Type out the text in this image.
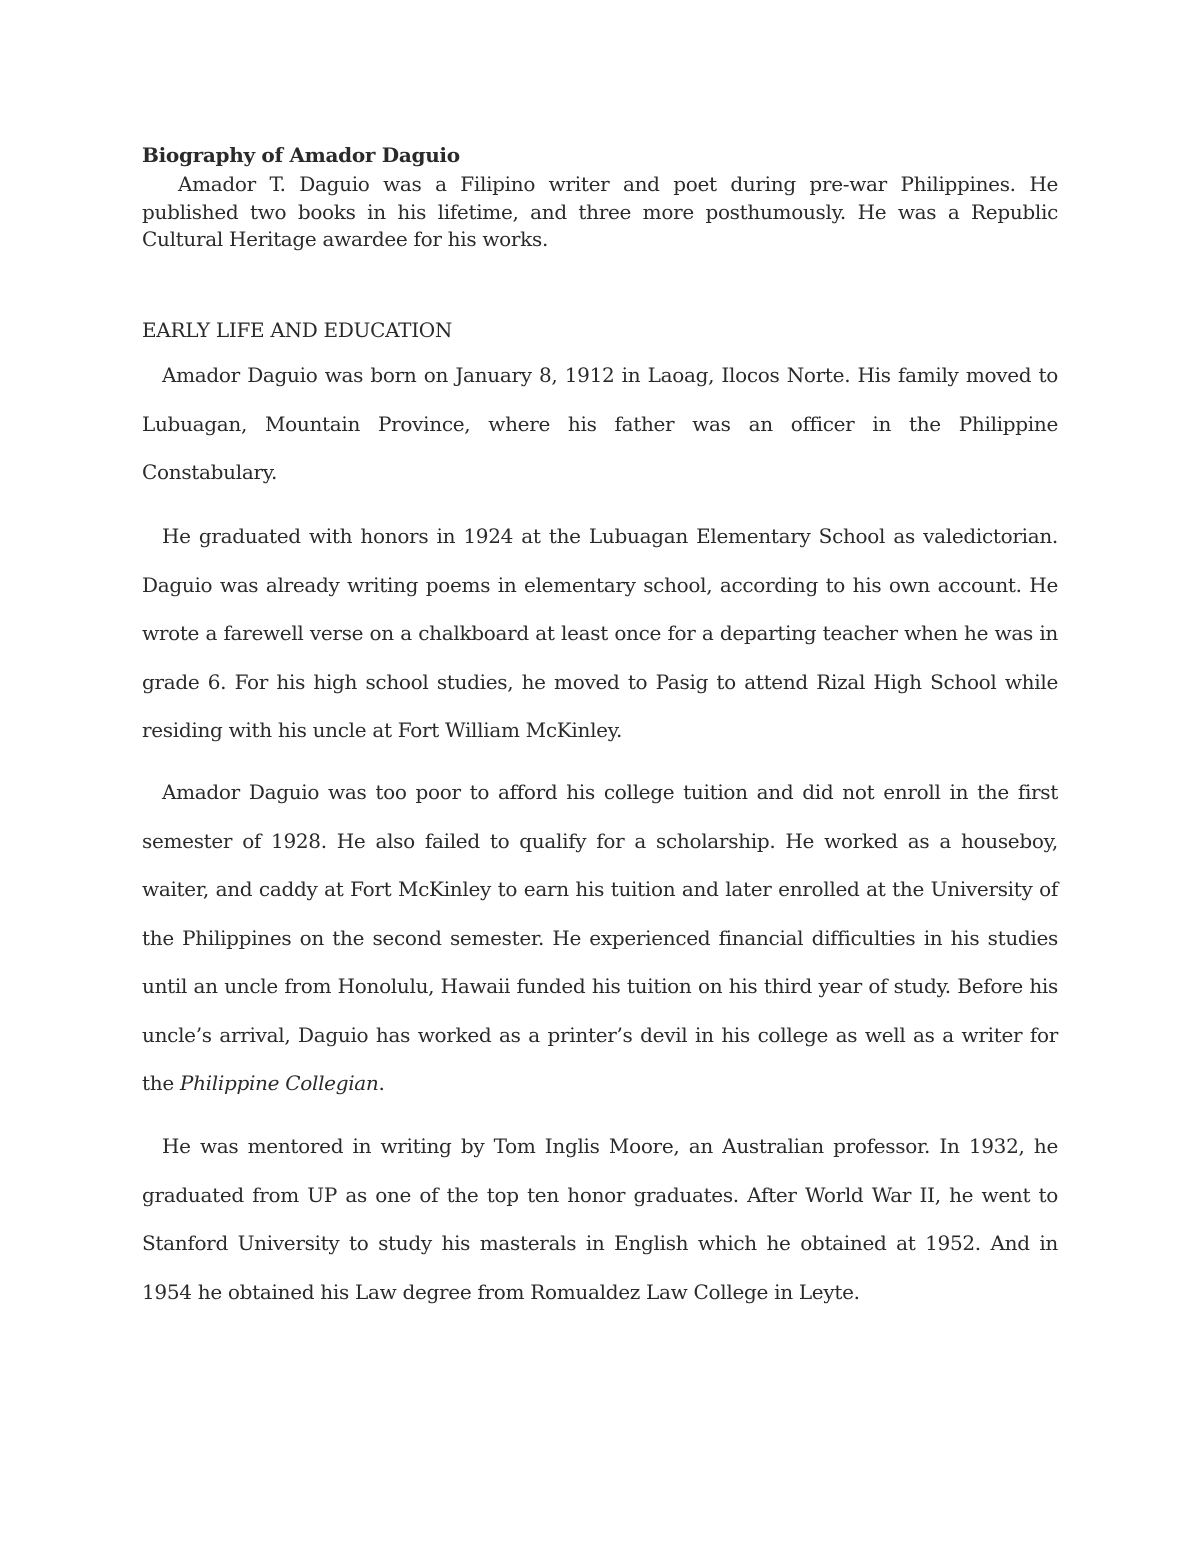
Biography of Amador Daguio

Amador T. Daguio was a Filipino writer and poet during pre-war Philippines. He published two books in his lifetime, and three more posthumously. He was a Republic Cultural Heritage awardee for his works.

EARLY LIFE AND EDUCATION

Amador Daguio was born on January 8, 1912 in Laoag, Ilocos Norte. His family moved to Lubuagan, Mountain Province, where his father was an officer in the Philippine Constabulary.

He graduated with honors in 1924 at the Lubuagan Elementary School as valedictorian. Daguio was already writing poems in elementary school, according to his own account. He wrote a farewell verse on a chalkboard at least once for a departing teacher when he was in grade 6. For his high school studies, he moved to Pasig to attend Rizal High School while residing with his uncle at Fort William McKinley.

Amador Daguio was too poor to afford his college tuition and did not enroll in the first semester of 1928. He also failed to qualify for a scholarship. He worked as a houseboy, waiter, and caddy at Fort McKinley to earn his tuition and later enrolled at the University of the Philippines on the second semester. He experienced financial difficulties in his studies until an uncle from Honolulu, Hawaii funded his tuition on his third year of study. Before his uncle’s arrival, Daguio has worked as a printer’s devil in his college as well as a writer for the Philippine Collegian.

He was mentored in writing by Tom Inglis Moore, an Australian professor. In 1932, he graduated from UP as one of the top ten honor graduates. After World War II, he went to Stanford University to study his masterals in English which he obtained at 1952. And in 1954 he obtained his Law degree from Romualdez Law College in Leyte.
